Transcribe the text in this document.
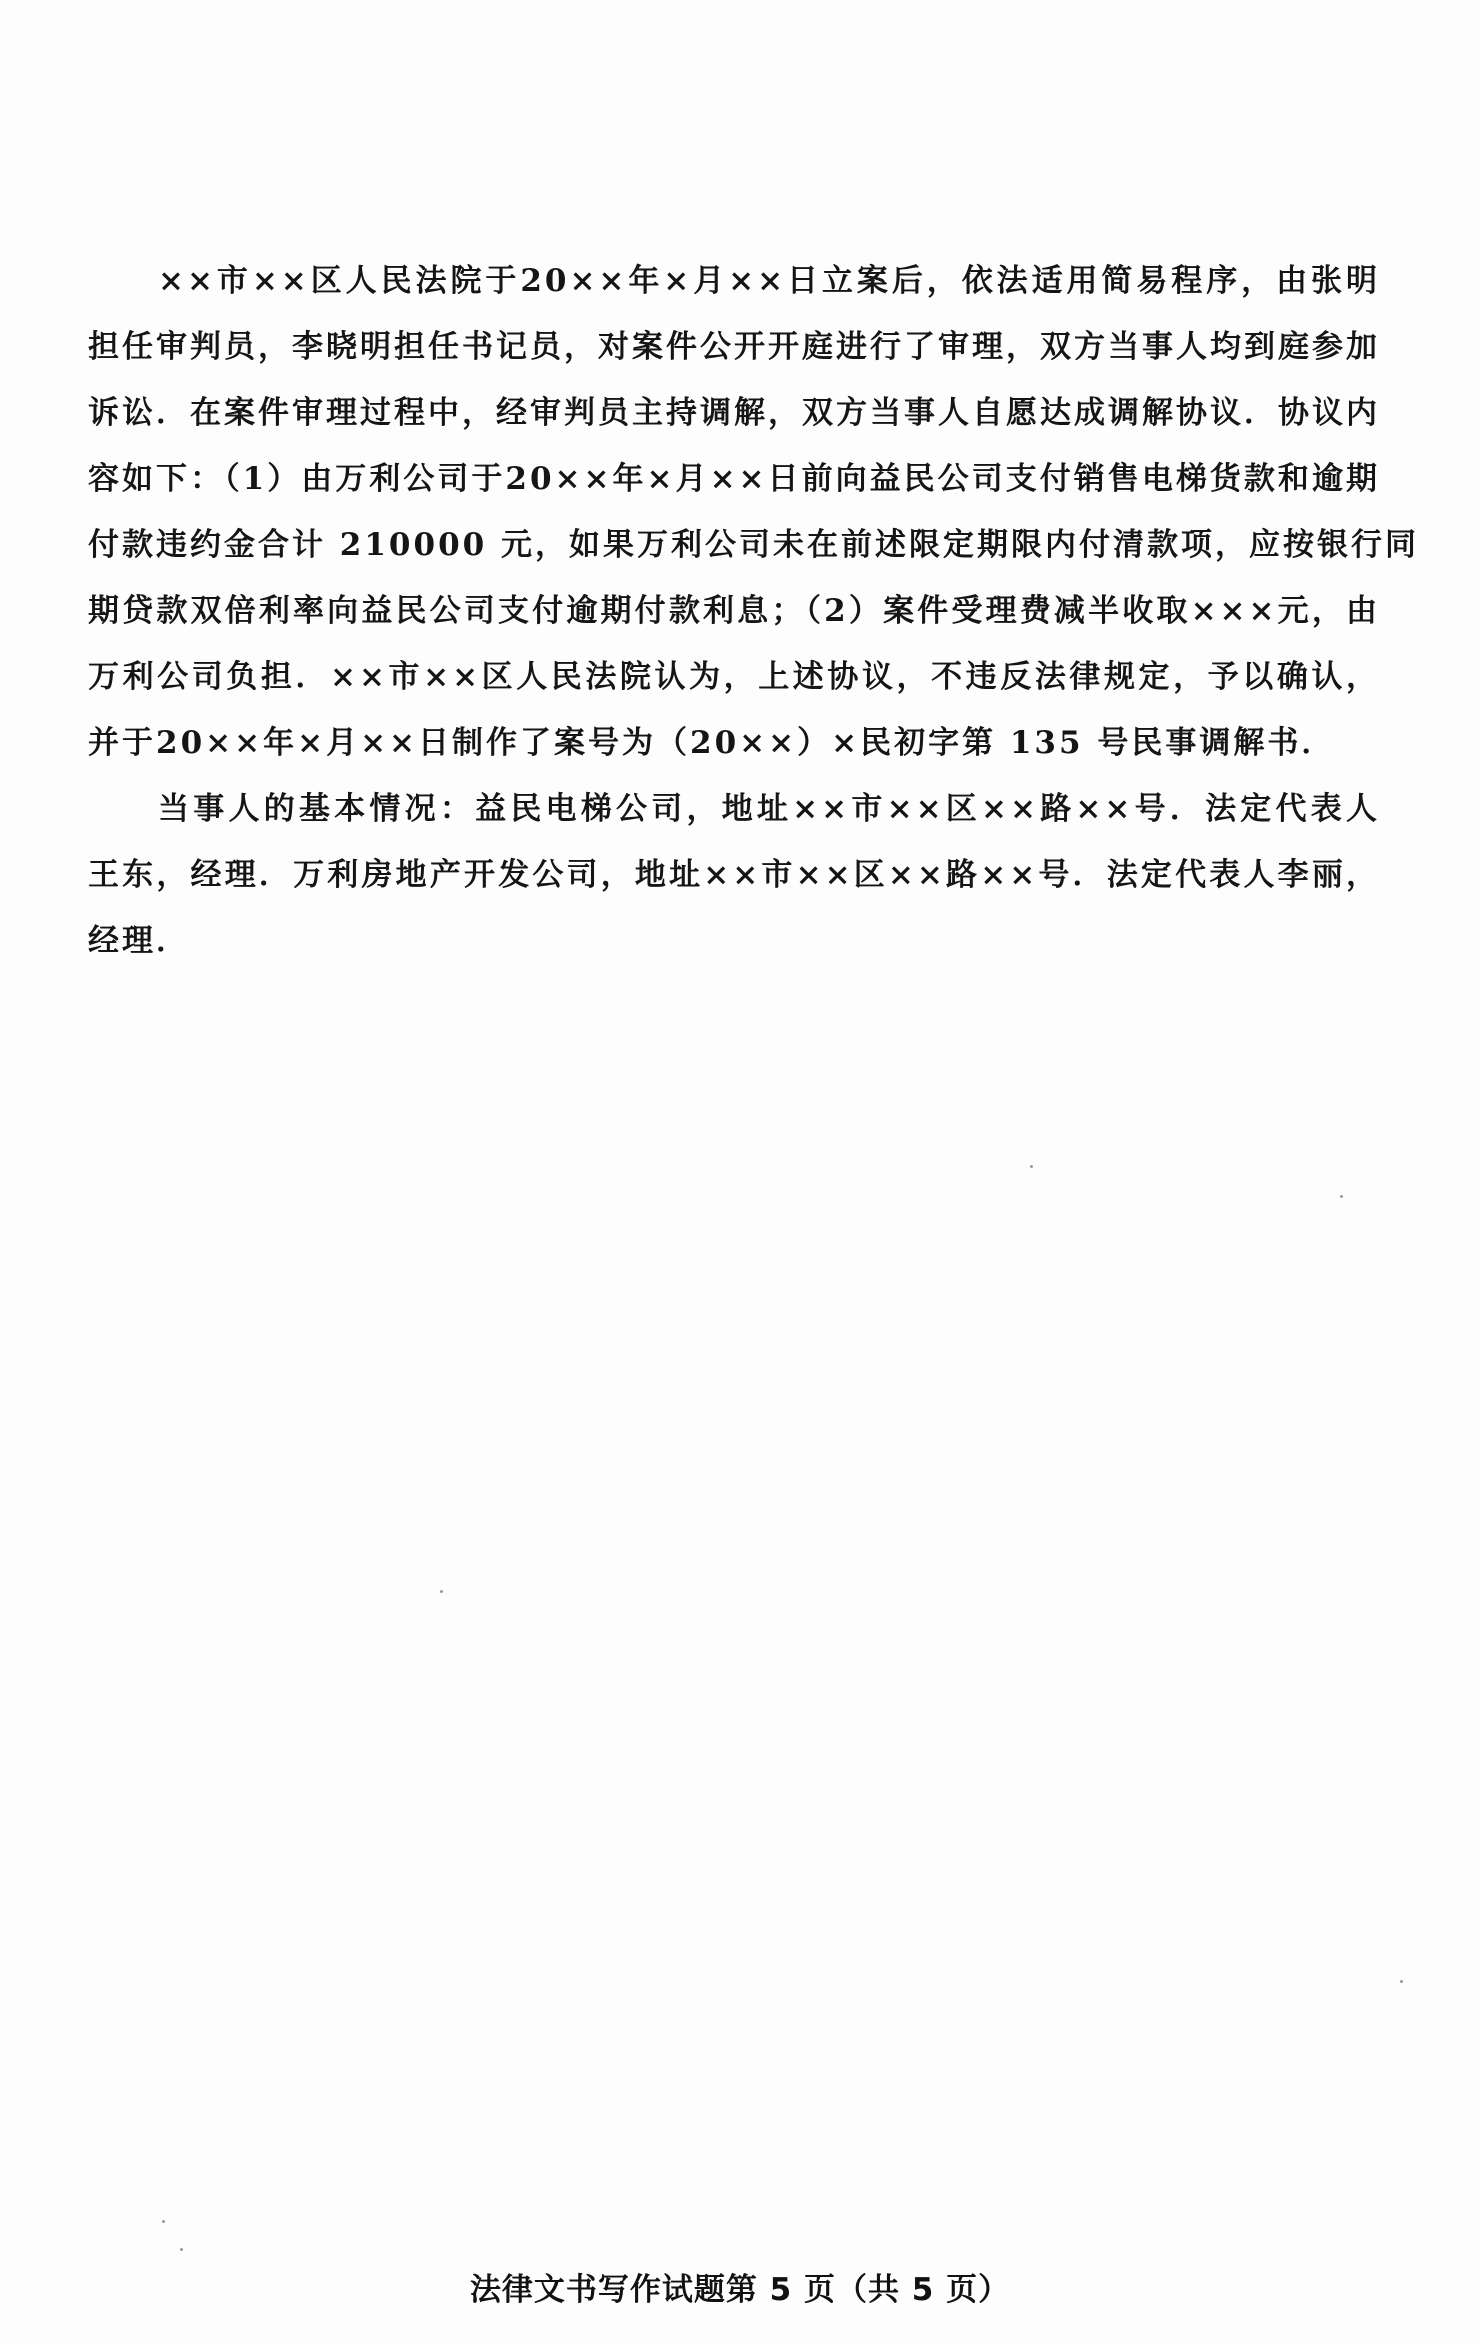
××市××区人民法院于20××年×月××日立案后，依法适用简易程序，由张明
担任审判员，李晓明担任书记员，对案件公开开庭进行了审理，双方当事人均到庭参加
诉讼．在案件审理过程中，经审判员主持调解，双方当事人自愿达成调解协议．协议内
容如下：（1）由万利公司于20××年×月××日前向益民公司支付销售电梯货款和逾期
付款违约金合计 210000 元，如果万利公司未在前述限定期限内付清款项，应按银行同
期贷款双倍利率向益民公司支付逾期付款利息；（2）案件受理费减半收取×××元，由
万利公司负担．××市××区人民法院认为，上述协议，不违反法律规定，予以确认，
并于20××年×月××日制作了案号为（20××）×民初字第 135 号民事调解书．
当事人的基本情况：益民电梯公司，地址××市××区××路××号．法定代表人
王东，经理．万利房地产开发公司，地址××市××区××路××号．法定代表人李丽，
经理．
法律文书写作试题第 5 页（共 5 页）
